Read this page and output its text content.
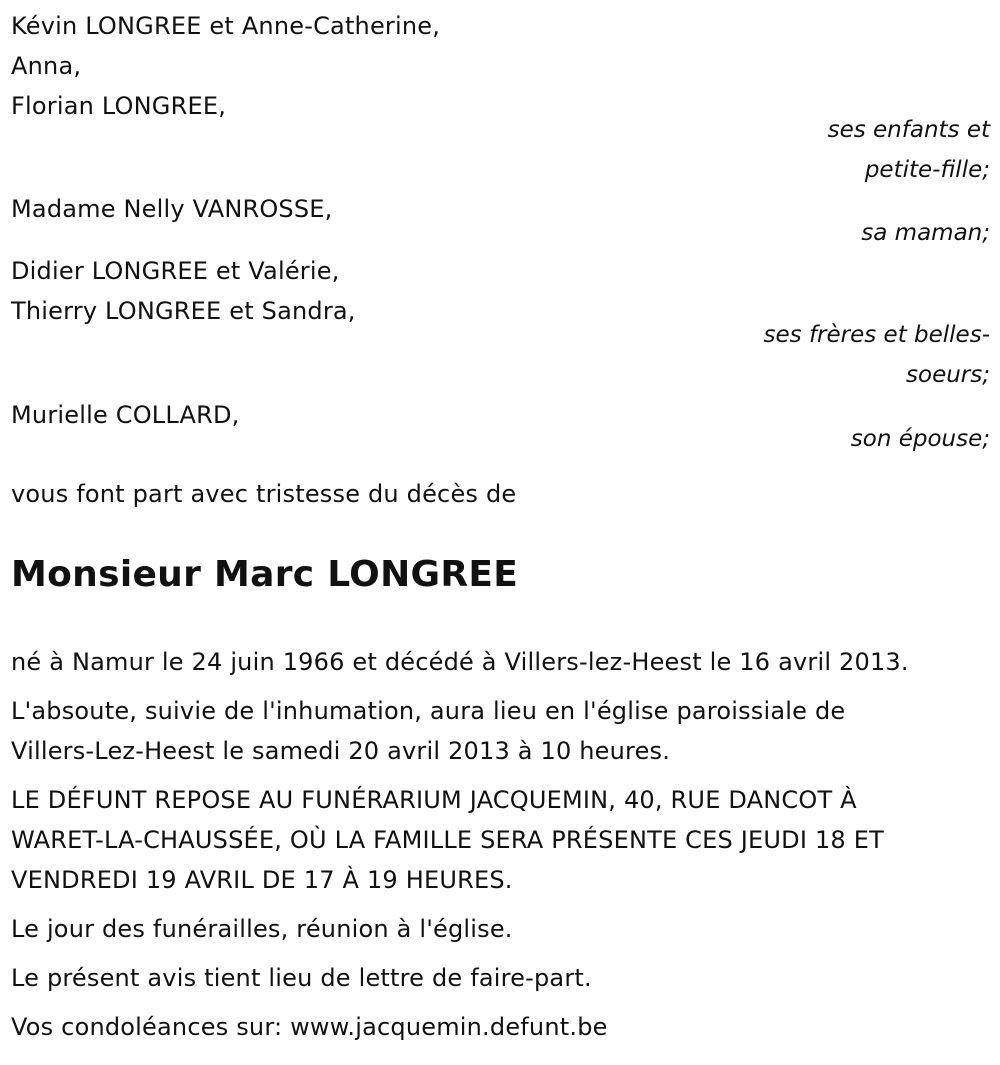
Kévin LONGREE et Anne-Catherine,
Anna,
Florian LONGREE,
ses enfants et
petite-fille;
Madame Nelly VANROSSE,
sa maman;
Didier LONGREE et Valérie,
Thierry LONGREE et Sandra,
ses frères et belles-
soeurs;
Murielle COLLARD,
son épouse;
vous font part avec tristesse du décès de
Monsieur Marc LONGREE
né à Namur le 24 juin 1966 et décédé à Villers-lez-Heest le 16 avril 2013.
L'absoute, suivie de l'inhumation, aura lieu en l'église paroissiale de
Villers-Lez-Heest le samedi 20 avril 2013 à 10 heures.
LE DÉFUNT REPOSE AU FUNÉRARIUM JACQUEMIN, 40, RUE DANCOT À
WARET-LA-CHAUSSÉE, OÙ LA FAMILLE SERA PRÉSENTE CES JEUDI 18 ET
VENDREDI 19 AVRIL DE 17 À 19 HEURES.
Le jour des funérailles, réunion à l'église.
Le présent avis tient lieu de lettre de faire-part.
Vos condoléances sur: www.jacquemin.defunt.be
